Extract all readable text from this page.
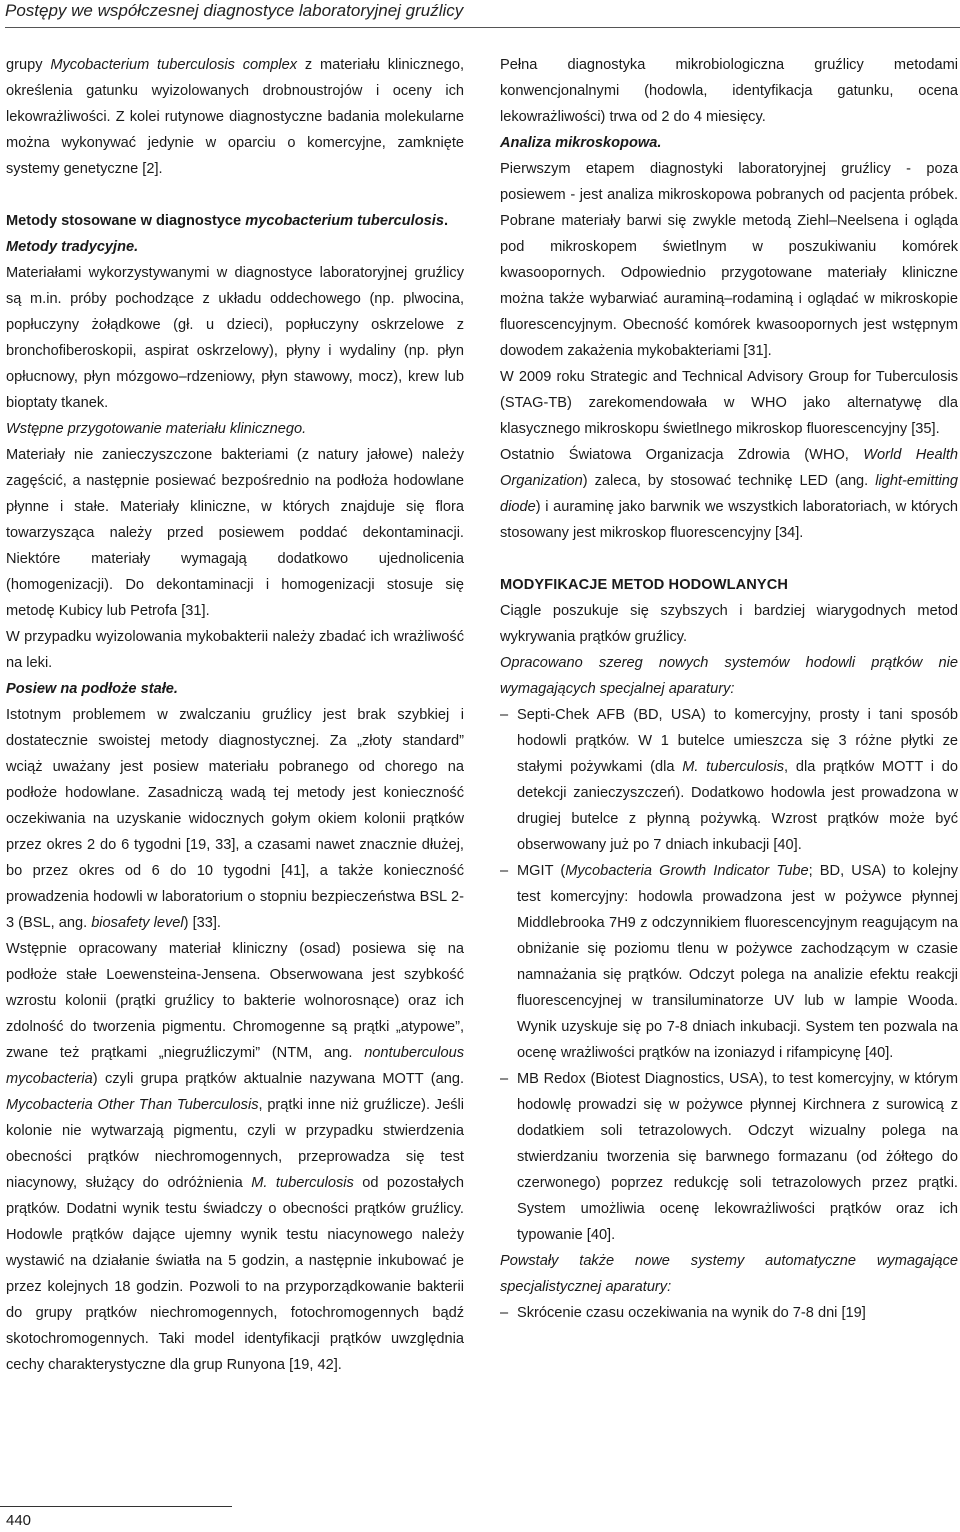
Postępy we współczesnej diagnostyce laboratoryjnej gruźlicy

grupy Mycobacterium tuberculosis complex z materiału klinicznego, określenia gatunku wyizolowanych drobnoustrojów i oceny ich lekowrażliwości. Z kolei rutynowe diagnostyczne badania molekularne można wykonywać jedynie w oparciu o komercyjne, zamknięte systemy genetyczne [2].

Metody stosowane w diagnostyce mycobacterium tuberculosis.

Metody tradycyjne.

Materiałami wykorzystywanymi w diagnostyce laboratoryjnej gruźlicy są m.in. próby pochodzące z układu oddechowego (np. plwocina, popłuczyny żołądkowe (gł. u dzieci), popłuczyny oskrzelowe z bronchofiberoskopii, aspirat oskrzelowy), płyny i wydaliny (np. płyn opłucnowy, płyn mózgowo–rdzeniowy, płyn stawowy, mocz), krew lub bioptaty tkanek.

Wstępne przygotowanie materiału klinicznego.

Materiały nie zanieczyszczone bakteriami (z natury jałowe) należy zagęścić, a następnie posiewać bezpośrednio na podłoża hodowlane płynne i stałe. Materiały kliniczne, w których znajduje się flora towarzysząca należy przed posiewem poddać dekontaminacji. Niektóre materiały wymagają dodatkowo ujednolicenia (homogenizacji). Do dekontaminacji i homogenizacji stosuje się metodę Kubicy lub Petrofa [31].

W przypadku wyizolowania mykobakterii należy zbadać ich wrażliwość na leki.

Posiew na podłoże stałe.

Istotnym problemem w zwalczaniu gruźlicy jest brak szybkiej i dostatecznie swoistej metody diagnostycznej. Za „złoty standard” wciąż uważany jest posiew materiału pobranego od chorego na podłoże hodowlane. Zasadniczą wadą tej metody jest konieczność oczekiwania na uzyskanie widocznych gołym okiem kolonii prątków przez okres 2 do 6 tygodni [19, 33], a czasami nawet znacznie dłużej, bo przez okres od 6 do 10 tygodni [41], a także konieczność prowadzenia hodowli w laboratorium o stopniu bezpieczeństwa BSL 2-3 (BSL, ang. biosafety level) [33].

Wstępnie opracowany materiał kliniczny (osad) posiewa się na podłoże stałe Loewensteina-Jensena. Obserwowana jest szybkość wzrostu kolonii (prątki gruźlicy to bakterie wolnorosnące) oraz ich zdolność do tworzenia pigmentu. Chromogenne są prątki „atypowe”, zwane też prątkami „niegruźliczymi” (NTM, ang. nontuberculous mycobacteria) czyli grupa prątków aktualnie nazywana MOTT (ang. Mycobacteria Other Than Tuberculosis, prątki inne niż gruźlicze). Jeśli kolonie nie wytwarzają pigmentu, czyli w przypadku stwierdzenia obecności prątków niechromogennych, przeprowadza się test niacynowy, służący do odróżnienia M. tuberculosis od pozostałych prątków. Dodatni wynik testu świadczy o obecności prątków gruźlicy. Hodowle prątków dające ujemny wynik testu niacynowego należy wystawić na działanie światła na 5 godzin, a następnie inkubować je przez kolejnych 18 godzin. Pozwoli to na przyporządkowanie bakterii do grupy prątków niechromogennych, fotochromogennych bądź skotochromogennych. Taki model identyfikacji prątków uwzględnia cechy charakterystyczne dla grup Runyona [19, 42].

Pełna diagnostyka mikrobiologiczna gruźlicy metodami konwencjonalnymi (hodowla, identyfikacja gatunku, ocena lekowrażliwości) trwa od 2 do 4 miesięcy.

Analiza mikroskopowa.

Pierwszym etapem diagnostyki laboratoryjnej gruźlicy - poza posiewem - jest analiza mikroskopowa pobranych od pacjenta próbek. Pobrane materiały barwi się zwykle metodą Ziehl–Neelsena i ogląda pod mikroskopem świetlnym w poszukiwaniu komórek kwasoopornych. Odpowiednio przygotowane materiały kliniczne można także wybarwiać auraminą–rodaminą i oglądać w mikroskopie fluorescencyjnym. Obecność komórek kwasoopornych jest wstępnym dowodem zakażenia mykobakteriami [31].

W 2009 roku Strategic and Technical Advisory Group for Tuberculosis (STAG-TB) zarekomendowała w WHO jako alternatywę dla klasycznego mikroskopu świetlnego mikroskop fluorescencyjny [35].

Ostatnio Światowa Organizacja Zdrowia (WHO, World Health Organization) zaleca, by stosować technikę LED (ang. light-emitting diode) i auraminę jako barwnik we wszystkich laboratoriach, w których stosowany jest mikroskop fluorescencyjny [34].

MODYFIKACJE METOD HODOWLANYCH

Ciągle poszukuje się szybszych i bardziej wiarygodnych metod wykrywania prątków gruźlicy.

Opracowano szereg nowych systemów hodowli prątków nie wymagających specjalnej aparatury:

– Septi-Chek AFB (BD, USA) to komercyjny, prosty i tani sposób hodowli prątków. W 1 butelce umieszcza się 3 różne płytki ze stałymi pożywkami (dla M. tuberculosis, dla prątków MOTT i do detekcji zanieczyszczeń). Dodatkowo hodowla jest prowadzona w drugiej butelce z płynną pożywką. Wzrost prątków może być obserwowany już po 7 dniach inkubacji [40].

– MGIT (Mycobacteria Growth Indicator Tube; BD, USA) to kolejny test komercyjny: hodowla prowadzona jest w pożywce płynnej Middlebrooka 7H9 z odczynnikiem fluorescencyjnym reagującym na obniżanie się poziomu tlenu w pożywce zachodzącym w czasie namnażania się prątków. Odczyt polega na analizie efektu reakcji fluorescencyjnej w transiluminatorze UV lub w lampie Wooda. Wynik uzyskuje się po 7-8 dniach inkubacji. System ten pozwala na ocenę wrażliwości prątków na izoniazyd i rifampicynę [40].

– MB Redox (Biotest Diagnostics, USA), to test komercyjny, w którym hodowlę prowadzi się w pożywce płynnej Kirchnera z surowicą z dodatkiem soli tetrazolowych. Odczyt wizualny polega na stwierdzaniu tworzenia się barwnego formazanu (od żółtego do czerwonego) poprzez redukcję soli tetrazolowych przez prątki. System umożliwia ocenę lekowrażliwości prątków oraz ich typowanie [40].

Powstały także nowe systemy automatyczne wymagające specjalistycznej aparatury:

– Skrócenie czasu oczekiwania na wynik do 7-8 dni [19]

440
